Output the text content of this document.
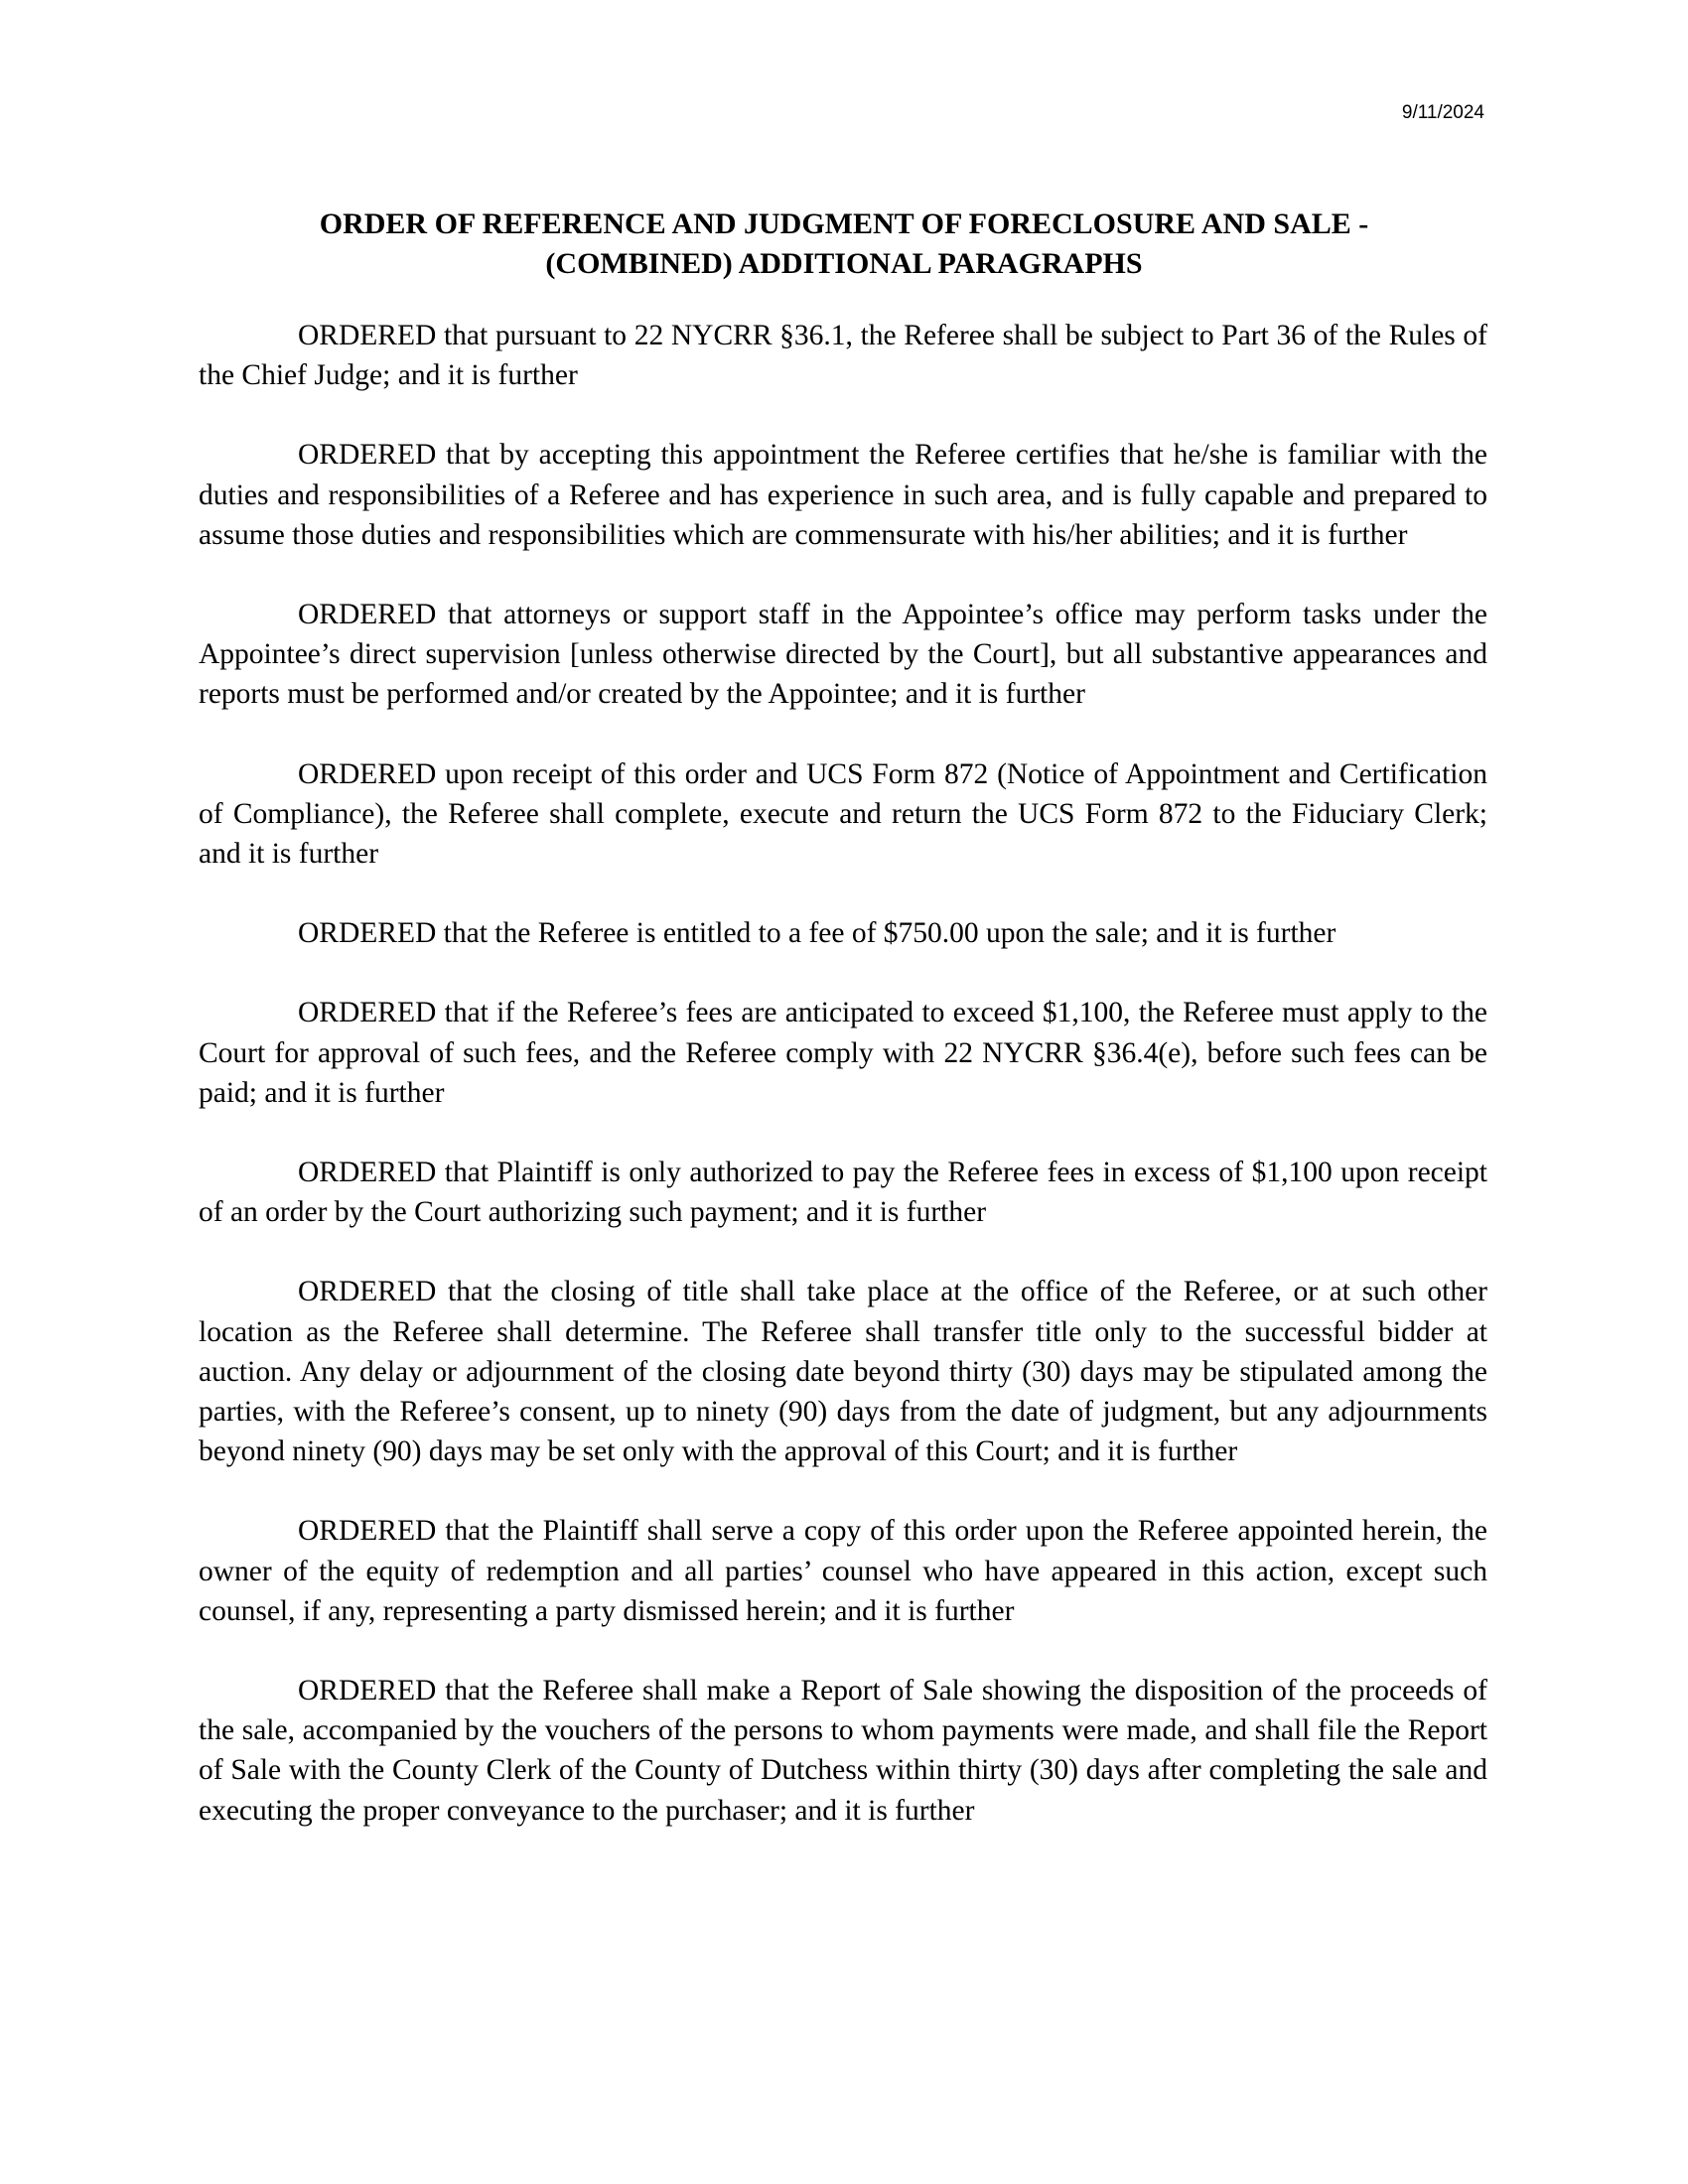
9/11/2024
ORDER OF REFERENCE AND JUDGMENT OF FORECLOSURE AND SALE -
(COMBINED) ADDITIONAL PARAGRAPHS

ORDERED that pursuant to 22 NYCRR §36.1, the Referee shall be subject to Part 36 of the Rules of the Chief Judge; and it is further

ORDERED that by accepting this appointment the Referee certifies that he/she is familiar with the duties and responsibilities of a Referee and has experience in such area, and is fully capable and prepared to assume those duties and responsibilities which are commensurate with his/her abilities; and it is further

ORDERED that attorneys or support staff in the Appointee’s office may perform tasks under the Appointee’s direct supervision [unless otherwise directed by the Court], but all substantive appearances and reports must be performed and/or created by the Appointee; and it is further

ORDERED upon receipt of this order and UCS Form 872 (Notice of Appointment and Certification of Compliance), the Referee shall complete, execute and return the UCS Form 872 to the Fiduciary Clerk; and it is further

ORDERED that the Referee is entitled to a fee of $750.00 upon the sale; and it is further

ORDERED that if the Referee’s fees are anticipated to exceed $1,100, the Referee must apply to the Court for approval of such fees, and the Referee comply with 22 NYCRR §36.4(e), before such fees can be paid; and it is further

ORDERED that Plaintiff is only authorized to pay the Referee fees in excess of $1,100 upon receipt of an order by the Court authorizing such payment; and it is further

ORDERED that the closing of title shall take place at the office of the Referee, or at such other location as the Referee shall determine. The Referee shall transfer title only to the successful bidder at auction. Any delay or adjournment of the closing date beyond thirty (30) days may be stipulated among the parties, with the Referee’s consent, up to ninety (90) days from the date of judgment, but any adjournments beyond ninety (90) days may be set only with the approval of this Court; and it is further

ORDERED that the Plaintiff shall serve a copy of this order upon the Referee appointed herein, the owner of the equity of redemption and all parties’ counsel who have appeared in this action, except such counsel, if any, representing a party dismissed herein; and it is further

ORDERED that the Referee shall make a Report of Sale showing the disposition of the proceeds of the sale, accompanied by the vouchers of the persons to whom payments were made, and shall file the Report of Sale with the County Clerk of the County of Dutchess within thirty (30) days after completing the sale and executing the proper conveyance to the purchaser; and it is further
